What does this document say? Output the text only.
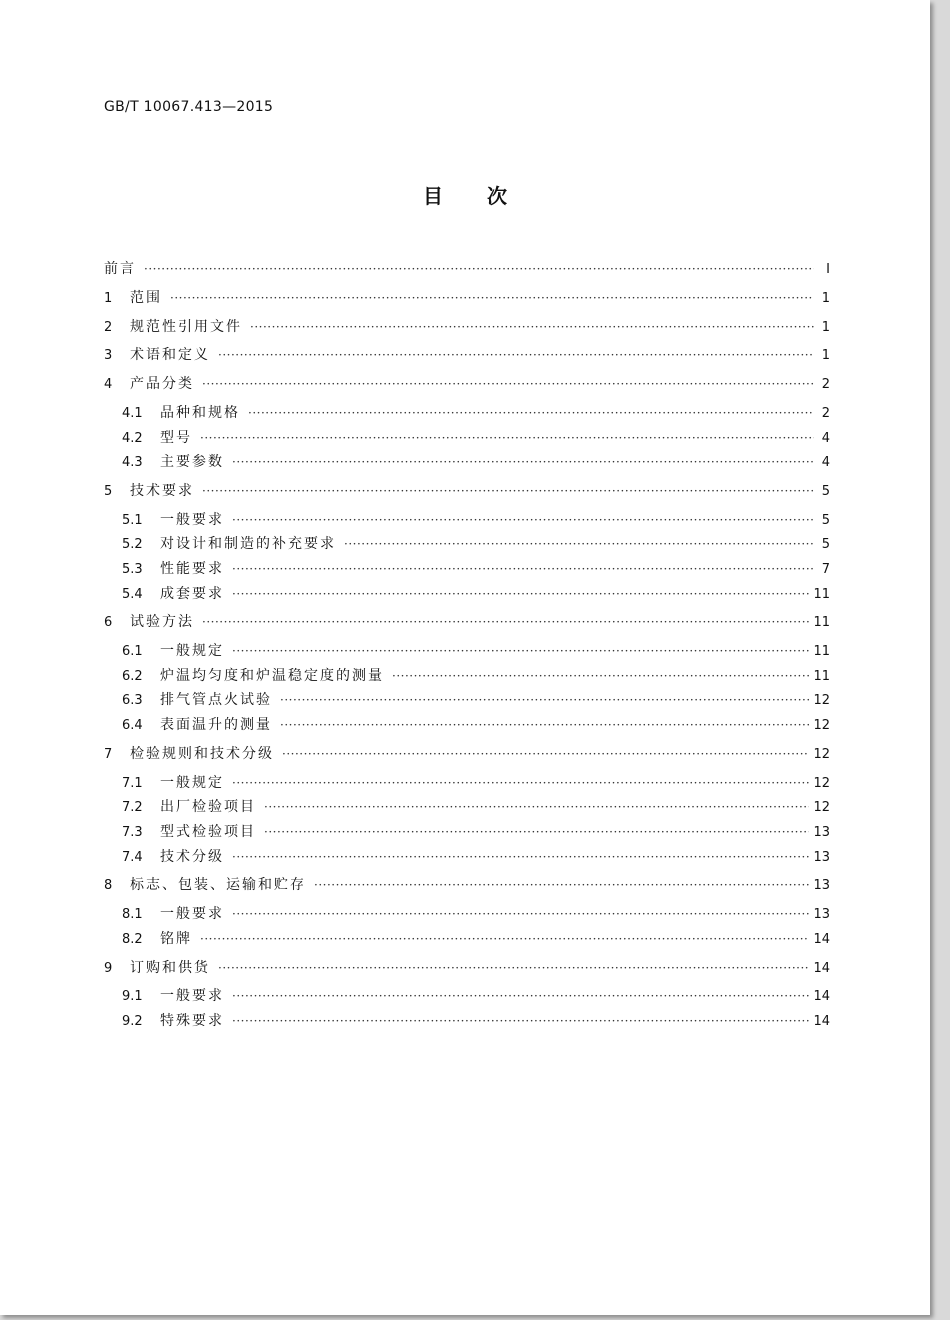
GB/T 10067.413—2015
目次
前言 ·····	Ⅰ
1	范围 ·····	1
2	规范性引用文件 ·····	1
3	术语和定义 ·····	1
4	产品分类 ·····	2
4.1	品种和规格 ·····	2
4.2	型号 ·····	4
4.3	主要参数 ·····	4
5	技术要求 ·····	5
5.1	一般要求 ·····	5
5.2	对设计和制造的补充要求 ·····	5
5.3	性能要求 ·····	7
5.4	成套要求 ·····	11
6	试验方法 ·····	11
6.1	一般规定 ·····	11
6.2	炉温均匀度和炉温稳定度的测量 ·····	11
6.3	排气管点火试验 ·····	12
6.4	表面温升的测量 ·····	12
7	检验规则和技术分级 ·····	12
7.1	一般规定 ·····	12
7.2	出厂检验项目 ·····	12
7.3	型式检验项目 ·····	13
7.4	技术分级 ·····	13
8	标志、包装、运输和贮存 ·····	13
8.1	一般要求 ·····	13
8.2	铭牌 ·····	14
9	订购和供货 ·····	14
9.1	一般要求 ·····	14
9.2	特殊要求 ·····	14
